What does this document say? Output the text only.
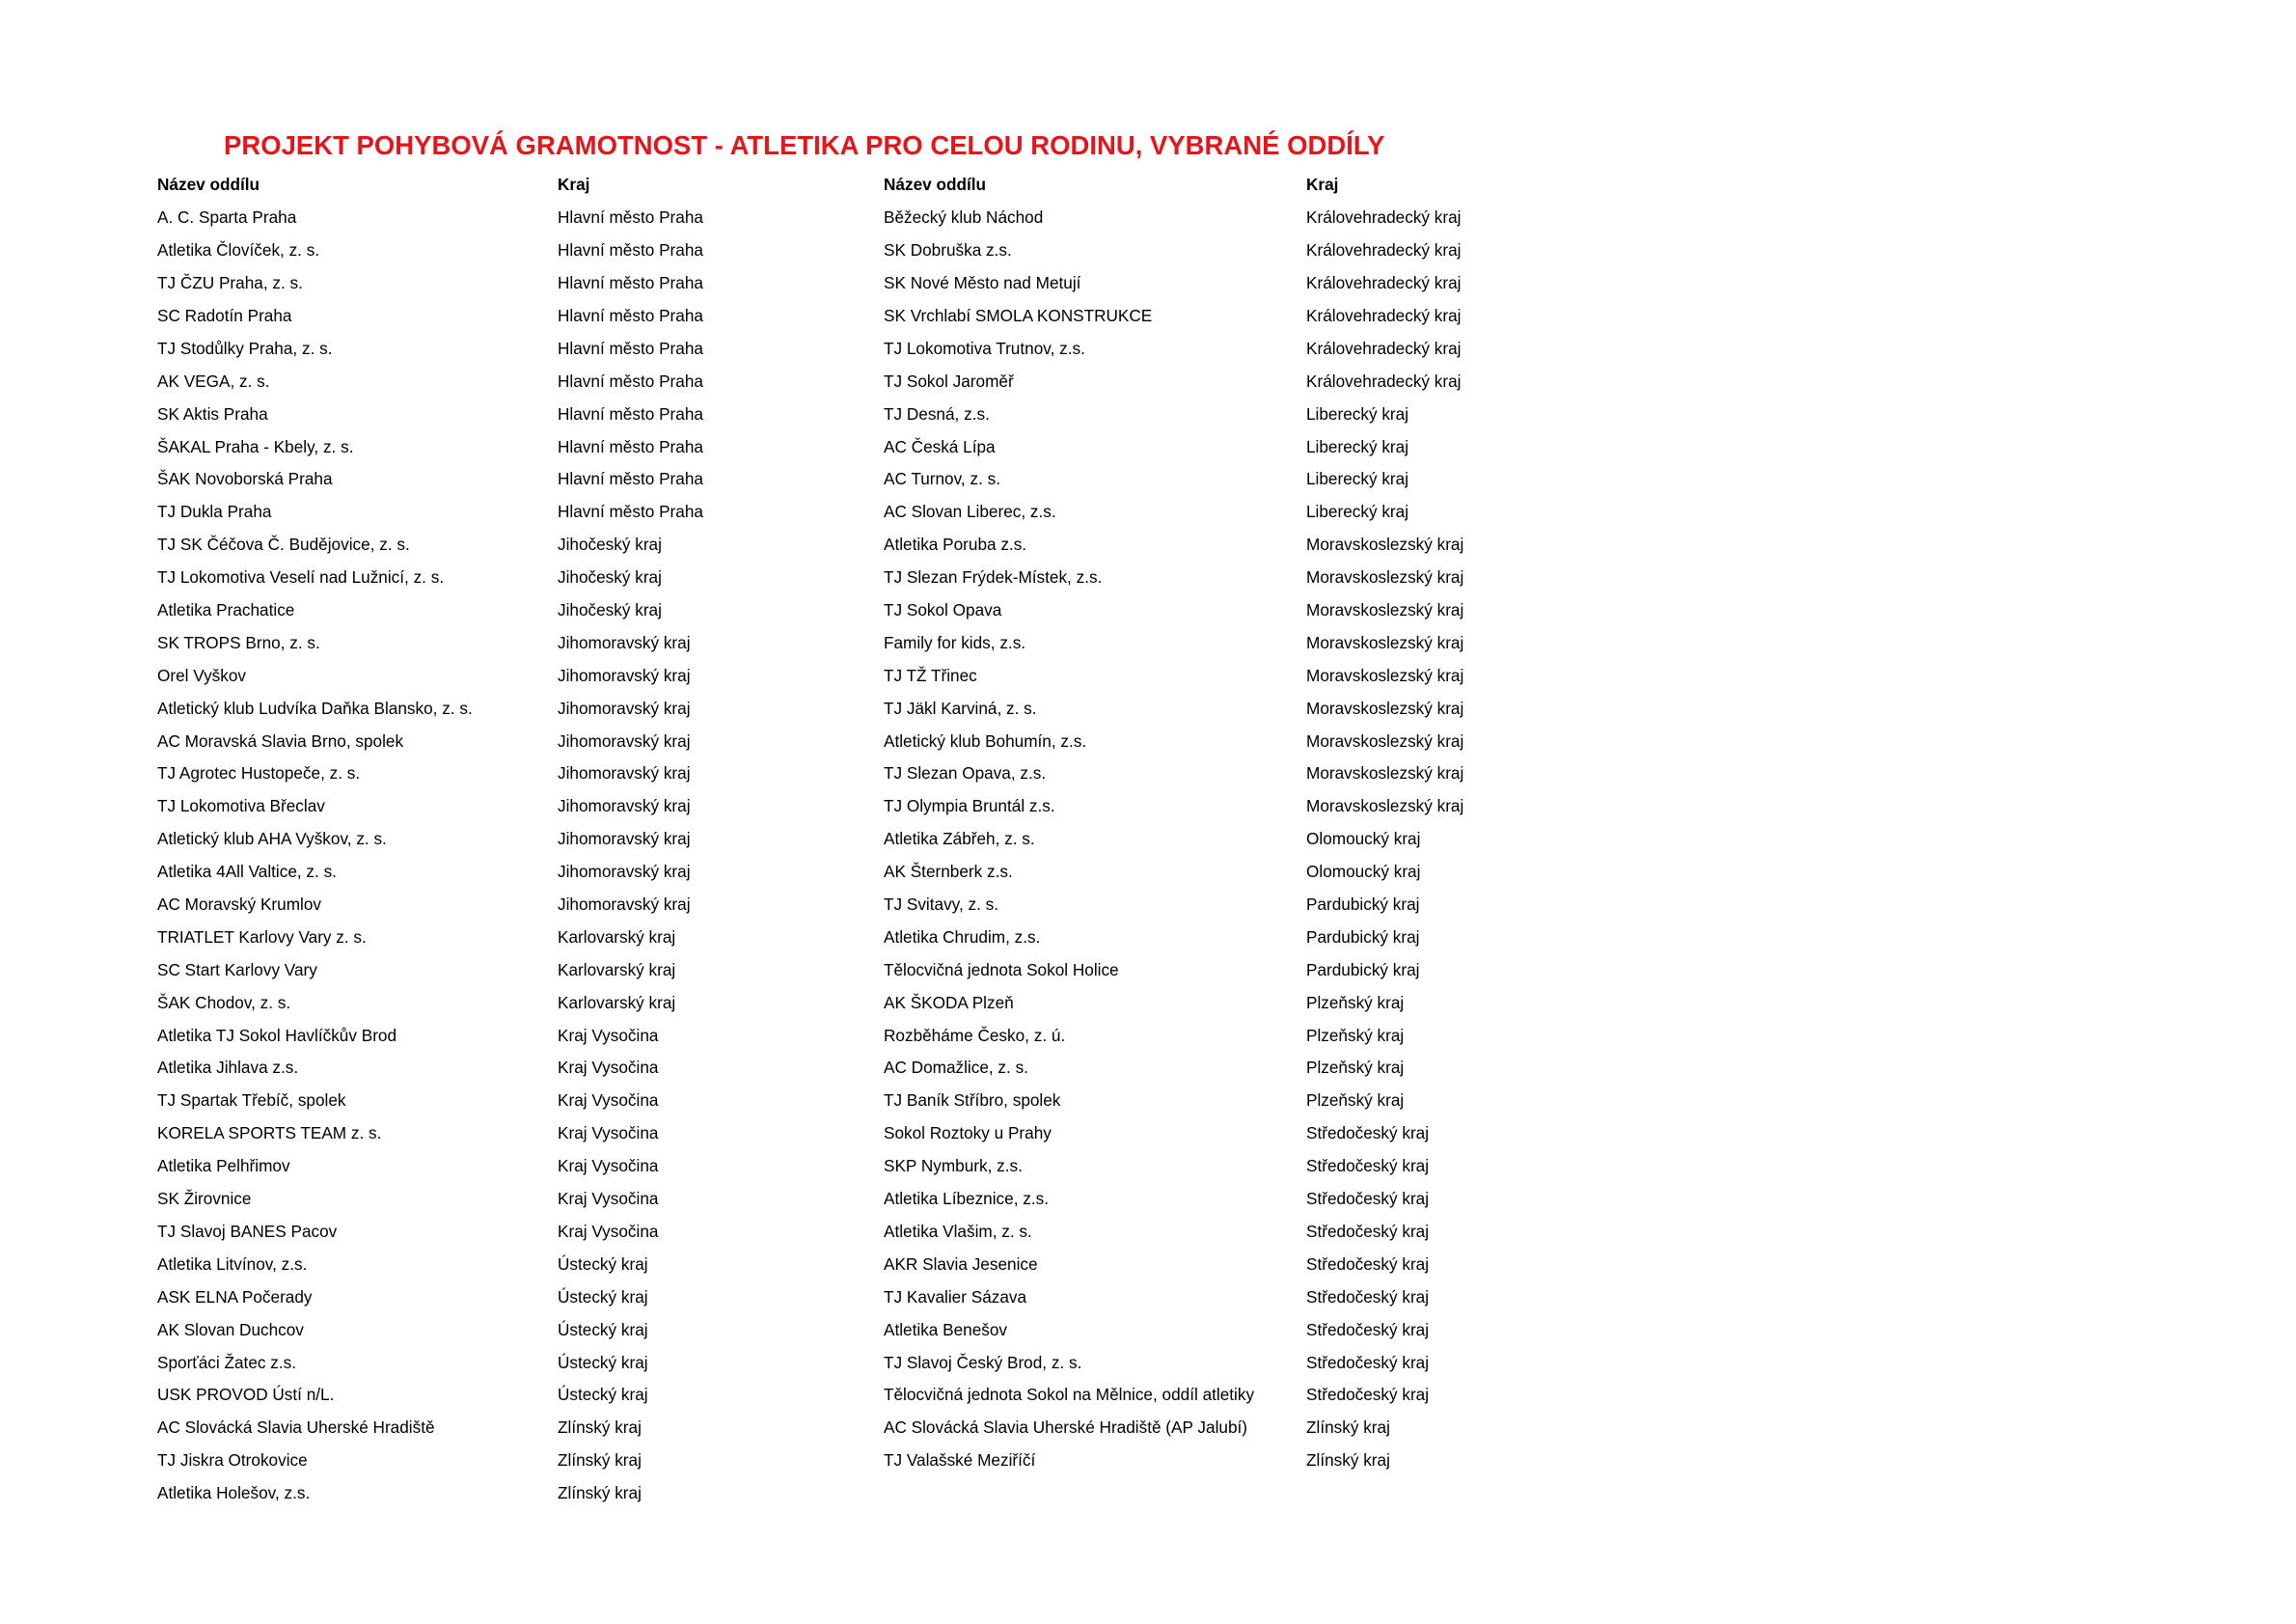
PROJEKT POHYBOVÁ GRAMOTNOST - ATLETIKA PRO CELOU RODINU, VYBRANÉ ODDÍLY
Název oddílu	Kraj	Název oddílu	Kraj
A. C. Sparta Praha	Hlavní město Praha	Běžecký klub Náchod	Královehradecký kraj
Atletika Človíček, z. s.	Hlavní město Praha	SK Dobruška z.s.	Královehradecký kraj
TJ ČZU Praha, z. s.	Hlavní město Praha	SK Nové Město nad Metují	Královehradecký kraj
SC Radotín Praha	Hlavní město Praha	SK Vrchlabí SMOLA KONSTRUKCE	Královehradecký kraj
TJ Stodůlky Praha, z. s.	Hlavní město Praha	TJ Lokomotiva Trutnov, z.s.	Královehradecký kraj
AK VEGA, z. s.	Hlavní město Praha	TJ Sokol Jaroměř	Královehradecký kraj
SK Aktis Praha	Hlavní město Praha	TJ Desná, z.s.	Liberecký kraj
ŠAKAL Praha - Kbely, z. s.	Hlavní město Praha	AC Česká Lípa	Liberecký kraj
ŠAK Novoborská Praha	Hlavní město Praha	AC Turnov, z. s.	Liberecký kraj
TJ Dukla Praha	Hlavní město Praha	AC Slovan Liberec, z.s.	Liberecký kraj
TJ SK Čéčova Č. Budějovice, z. s.	Jihočeský kraj	Atletika Poruba z.s.	Moravskoslezský kraj
TJ Lokomotiva Veselí nad Lužnicí, z. s.	Jihočeský kraj	TJ Slezan Frýdek-Místek, z.s.	Moravskoslezský kraj
Atletika Prachatice	Jihočeský kraj	TJ Sokol Opava	Moravskoslezský kraj
SK TROPS Brno, z. s.	Jihomoravský kraj	Family for kids, z.s.	Moravskoslezský kraj
Orel Vyškov	Jihomoravský kraj	TJ TŽ Třinec	Moravskoslezský kraj
Atletický klub Ludvíka Daňka Blansko, z. s.	Jihomoravský kraj	TJ Jäkl Karviná, z. s.	Moravskoslezský kraj
AC Moravská Slavia Brno, spolek	Jihomoravský kraj	Atletický klub Bohumín, z.s.	Moravskoslezský kraj
TJ Agrotec Hustopeče, z. s.	Jihomoravský kraj	TJ Slezan Opava, z.s.	Moravskoslezský kraj
TJ Lokomotiva Břeclav	Jihomoravský kraj	TJ Olympia Bruntál z.s.	Moravskoslezský kraj
Atletický klub AHA Vyškov, z. s.	Jihomoravský kraj	Atletika Zábřeh, z. s.	Olomoucký kraj
Atletika 4All Valtice, z. s.	Jihomoravský kraj	AK Šternberk z.s.	Olomoucký kraj
AC Moravský Krumlov	Jihomoravský kraj	TJ Svitavy, z. s.	Pardubický kraj
TRIATLET Karlovy Vary z. s.	Karlovarský kraj	Atletika Chrudim, z.s.	Pardubický kraj
SC Start Karlovy Vary	Karlovarský kraj	Tělocvičná jednota Sokol Holice	Pardubický kraj
ŠAK Chodov, z. s.	Karlovarský kraj	AK ŠKODA Plzeň	Plzeňský kraj
Atletika TJ Sokol Havlíčkův Brod	Kraj Vysočina	Rozběháme Česko, z. ú.	Plzeňský kraj
Atletika Jihlava z.s.	Kraj Vysočina	AC Domažlice, z. s.	Plzeňský kraj
TJ Spartak Třebíč, spolek	Kraj Vysočina	TJ Baník Stříbro, spolek	Plzeňský kraj
KORELA SPORTS TEAM z. s.	Kraj Vysočina	Sokol Roztoky u Prahy	Středočeský kraj
Atletika Pelhřimov	Kraj Vysočina	SKP Nymburk, z.s.	Středočeský kraj
SK Žirovnice	Kraj Vysočina	Atletika Líbeznice, z.s.	Středočeský kraj
TJ Slavoj BANES Pacov	Kraj Vysočina	Atletika Vlašim, z. s.	Středočeský kraj
Atletika Litvínov, z.s.	Ústecký kraj	AKR Slavia Jesenice	Středočeský kraj
ASK ELNA Počerady	Ústecký kraj	TJ Kavalier Sázava	Středočeský kraj
AK Slovan Duchcov	Ústecký kraj	Atletika Benešov	Středočeský kraj
Sporťáci Žatec z.s.	Ústecký kraj	TJ Slavoj Český Brod, z. s.	Středočeský kraj
USK PROVOD Ústí n/L.	Ústecký kraj	Tělocvičná jednota Sokol na Mělnice, oddíl atletiky	Středočeský kraj
AC Slovácká Slavia Uherské Hradiště	Zlínský kraj	AC Slovácká Slavia Uherské Hradiště (AP Jalubí)	Zlínský kraj
TJ Jiskra Otrokovice	Zlínský kraj	TJ Valašské Meziříčí	Zlínský kraj
Atletika Holešov, z.s.	Zlínský kraj		
